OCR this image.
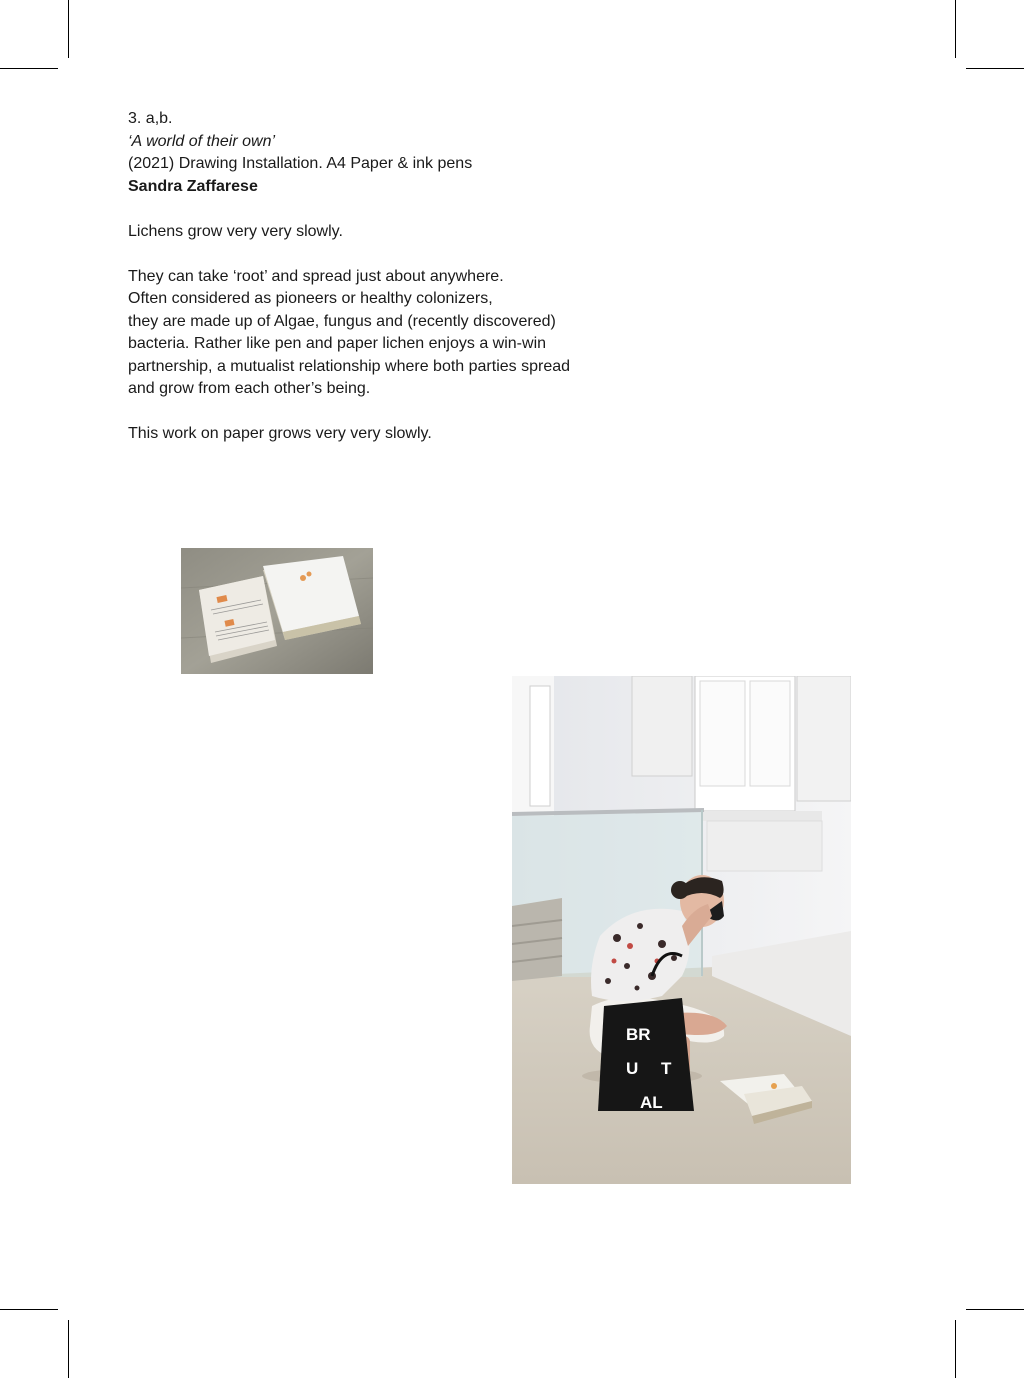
3. a,b.

‘A world of their own’

(2021) Drawing Installation. A4 Paper & ink pens

Sandra Zaffarese

Lichens grow very very slowly.

They can take ‘root’ and spread just about anywhere.

Often considered as pioneers or healthy colonizers,

they are made up of Algae, fungus and (recently discovered)

bacteria. Rather like pen and paper lichen enjoys a win-win

partnership, a mutualist relationship where both parties spread

and grow from each other’s being.

This work on paper grows very very slowly.

BR
U T
AL
